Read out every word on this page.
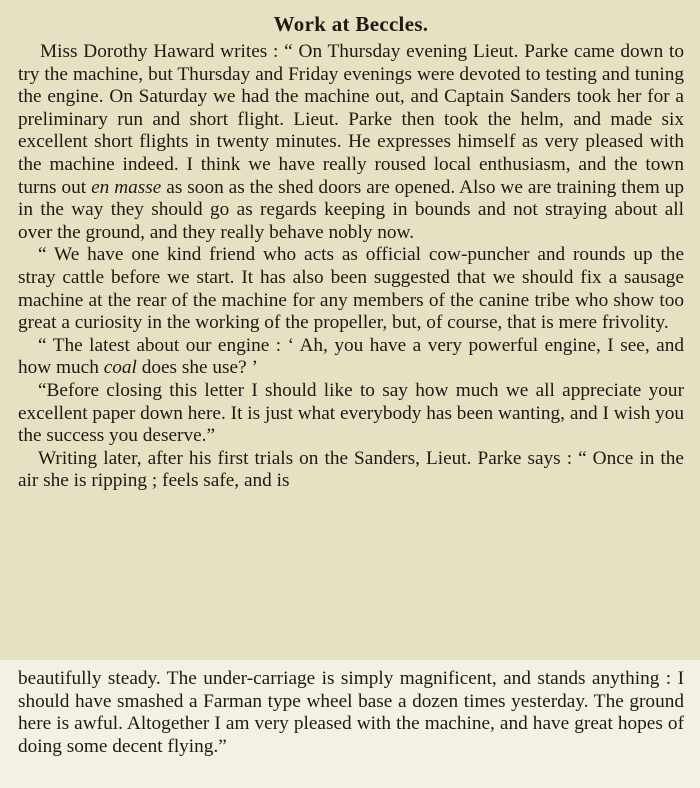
Work at Beccles.

Miss Dorothy Haward writes : “ On Thursday evening Lieut. Parke came down to try the machine, but Thursday and Friday evenings were devoted to testing and tuning the engine. On Saturday we had the machine out, and Captain Sanders took her for a preliminary run and short flight. Lieut. Parke then took the helm, and made six excellent short flights in twenty minutes. He expresses himself as very pleased with the machine indeed. I think we have really roused local enthusiasm, and the town turns out en masse as soon as the shed doors are opened. Also we are training them up in the way they should go as regards keeping in bounds and not straying about all over the ground, and they really behave nobly now.

“ We have one kind friend who acts as official cow-puncher and rounds up the stray cattle before we start. It has also been suggested that we should fix a sausage machine at the rear of the machine for any members of the canine tribe who show too great a curiosity in the working of the propeller, but, of course, that is mere frivolity.

“ The latest about our engine : ‘ Ah, you have a very powerful engine, I see, and how much coal does she use? ’

“Before closing this letter I should like to say how much we all appreciate your excellent paper down here. It is just what everybody has been wanting, and I wish you the success you deserve.”

Writing later, after his first trials on the Sanders, Lieut. Parke says : “ Once in the air she is ripping ; feels safe, and is

beautifully steady. The under-carriage is simply magnificent, and stands anything : I should have smashed a Farman type wheel base a dozen times yesterday. The ground here is awful. Altogether I am very pleased with the machine, and have great hopes of doing some decent flying.”
